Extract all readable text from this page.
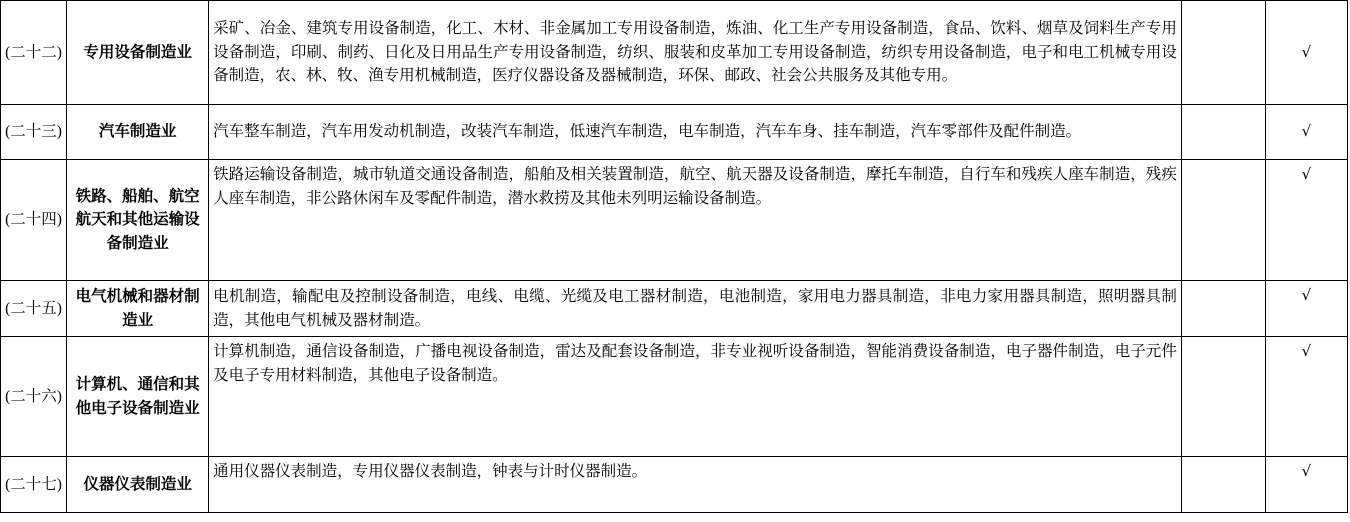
(二十二)	专用设备制造业	采矿、冶金、建筑专用设备制造，化工、木材、非金属加工专用设备制造，炼油、化工生产专用设备制造，食品、饮料、烟草及饲料生产专用设备制造，印刷、制药、日化及日用品生产专用设备制造，纺织、服装和皮革加工专用设备制造，纺织专用设备制造，电子和电工机械专用设备制造，农、林、牧、渔专用机械制造，医疗仪器设备及器械制造，环保、邮政、社会公共服务及其他专用。		√
(二十三)	汽车制造业	汽车整车制造，汽车用发动机制造，改装汽车制造，低速汽车制造，电车制造，汽车车身、挂车制造，汽车零部件及配件制造。		√
(二十四)	铁路、船舶、航空航天和其他运输设备制造业	铁路运输设备制造，城市轨道交通设备制造，船舶及相关装置制造，航空、航天器及设备制造，摩托车制造，自行车和残疾人座车制造，残疾人座车制造，非公路休闲车及零配件制造，潜水救捞及其他未列明运输设备制造。		√
(二十五)	电气机械和器材制造业	电机制造，输配电及控制设备制造，电线、电缆、光缆及电工器材制造，电池制造，家用电力器具制造，非电力家用器具制造，照明器具制造，其他电气机械及器材制造。		√
(二十六)	计算机、通信和其他电子设备制造业	计算机制造，通信设备制造，广播电视设备制造，雷达及配套设备制造，非专业视听设备制造，智能消费设备制造，电子器件制造，电子元件及电子专用材料制造，其他电子设备制造。		√
(二十七)	仪器仪表制造业	通用仪器仪表制造，专用仪器仪表制造，钟表与计时仪器制造。		√
